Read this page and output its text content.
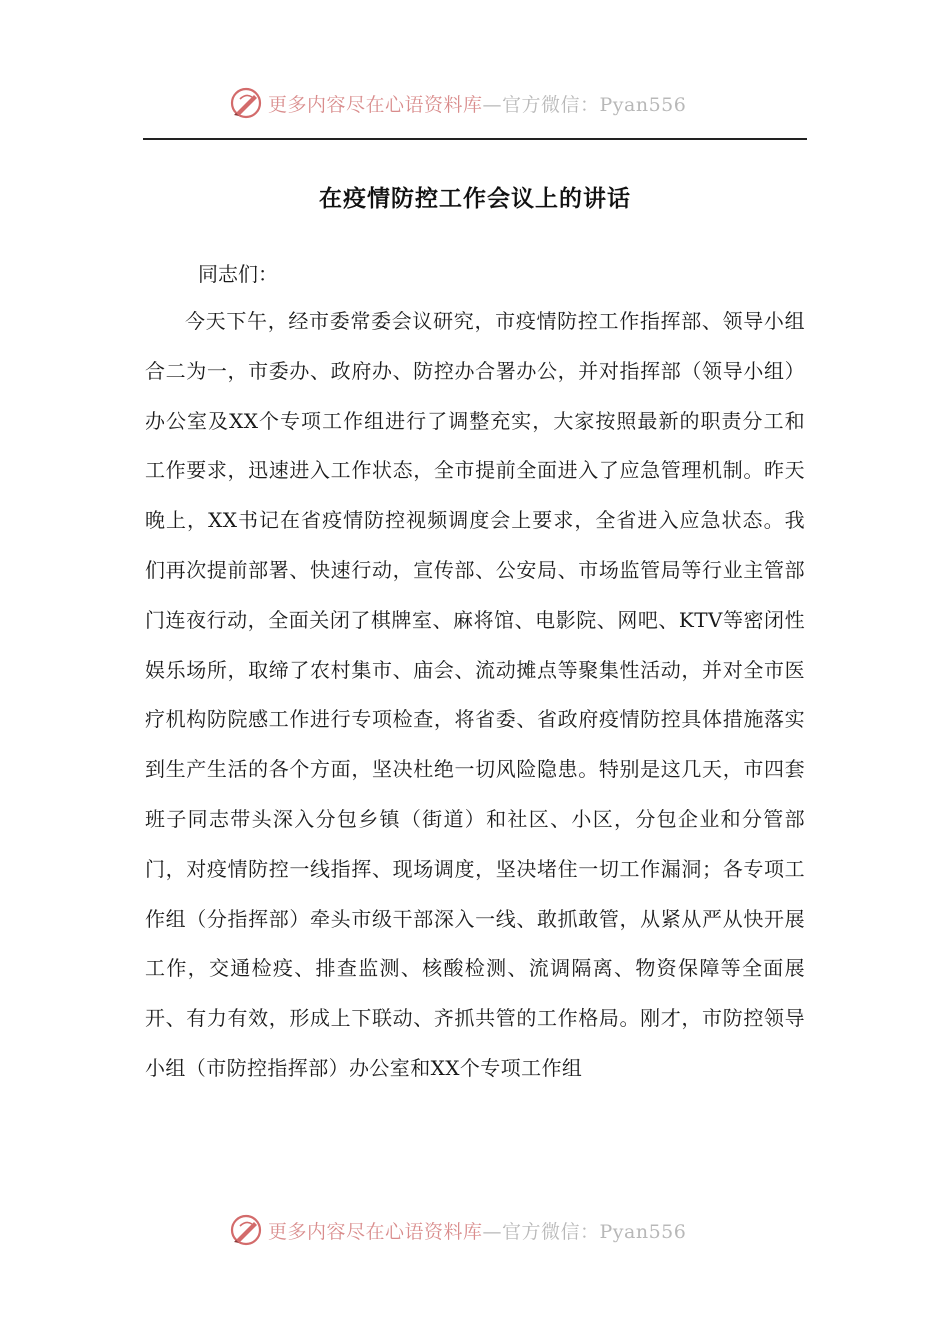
更多内容尽在心语资料库—官方微信：Pyan556
在疫情防控工作会议上的讲话
同志们：
今天下午，经市委常委会议研究，市疫情防控工作指挥部、领导小组合二为一，市委办、政府办、防控办合署办公，并对指挥部（领导小组）办公室及XX个专项工作组进行了调整充实，大家按照最新的职责分工和工作要求，迅速进入工作状态，全市提前全面进入了应急管理机制。昨天晚上，XX书记在省疫情防控视频调度会上要求，全省进入应急状态。我们再次提前部署、快速行动，宣传部、公安局、市场监管局等行业主管部门连夜行动，全面关闭了棋牌室、麻将馆、电影院、网吧、KTV等密闭性娱乐场所，取缔了农村集市、庙会、流动摊点等聚集性活动，并对全市医疗机构防院感工作进行专项检查，将省委、省政府疫情防控具体措施落实到生产生活的各个方面，坚决杜绝一切风险隐患。特别是这几天，市四套班子同志带头深入分包乡镇（街道）和社区、小区，分包企业和分管部门，对疫情防控一线指挥、现场调度，坚决堵住一切工作漏洞；各专项工作组（分指挥部）牵头市级干部深入一线、敢抓敢管，从紧从严从快开展工作，交通检疫、排查监测、核酸检测、流调隔离、物资保障等全面展开、有力有效，形成上下联动、齐抓共管的工作格局。刚才，市防控领导小组（市防控指挥部）办公室和XX个专项工作组
更多内容尽在心语资料库—官方微信：Pyan556
